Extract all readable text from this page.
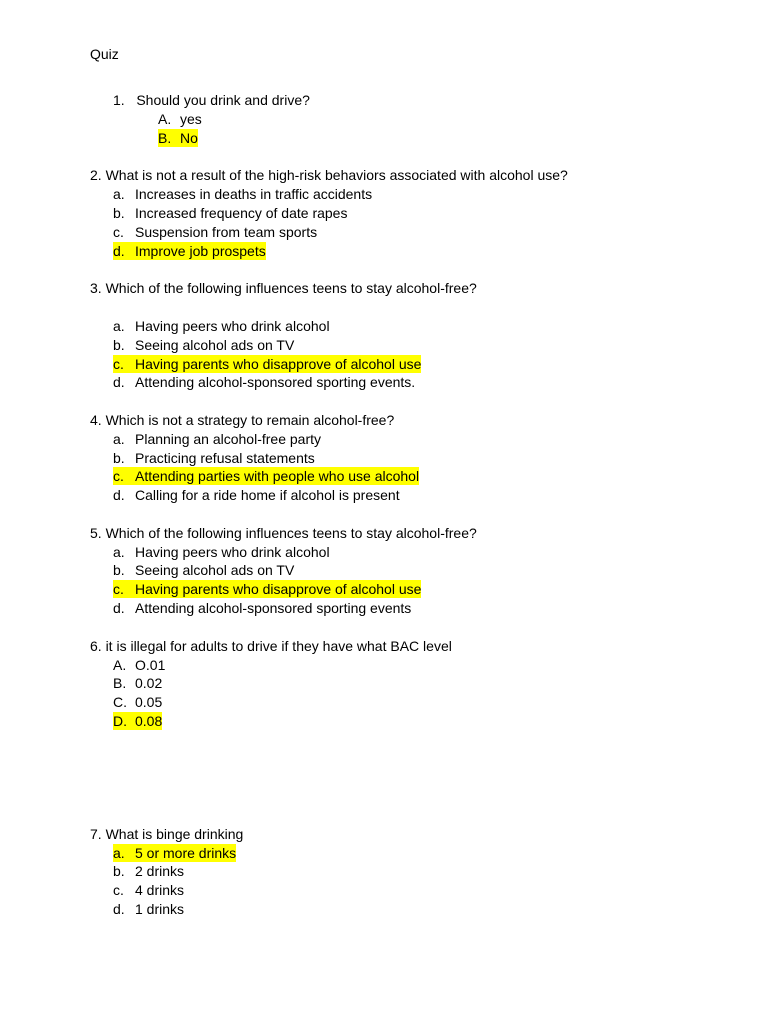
Quiz
1.   Should you drink and drive?
A. yes
B. No
2. What is not a result of the high-risk behaviors associated with alcohol use?
a. Increases in deaths in traffic accidents
b. Increased frequency of date rapes
c. Suspension from team sports
d. Improve job prospets
3. Which of the following influences teens to stay alcohol-free?
a. Having peers who drink alcohol
b. Seeing alcohol ads on TV
c. Having parents who disapprove of alcohol use
d. Attending alcohol-sponsored sporting events.
4. Which is not a strategy to remain alcohol-free?
a. Planning an alcohol-free party
b. Practicing refusal statements
c. Attending parties with people who use alcohol
d. Calling for a ride home if alcohol is present
5. Which of the following influences teens to stay alcohol-free?
a. Having peers who drink alcohol
b. Seeing alcohol ads on TV
c. Having parents who disapprove of alcohol use
d. Attending alcohol-sponsored sporting events
6. it is illegal for adults to drive if they have what BAC level
A. O.01
B. 0.02
C. 0.05
D. 0.08
7. What is binge drinking
a. 5 or more drinks
b. 2 drinks
c. 4 drinks
d. 1 drinks
